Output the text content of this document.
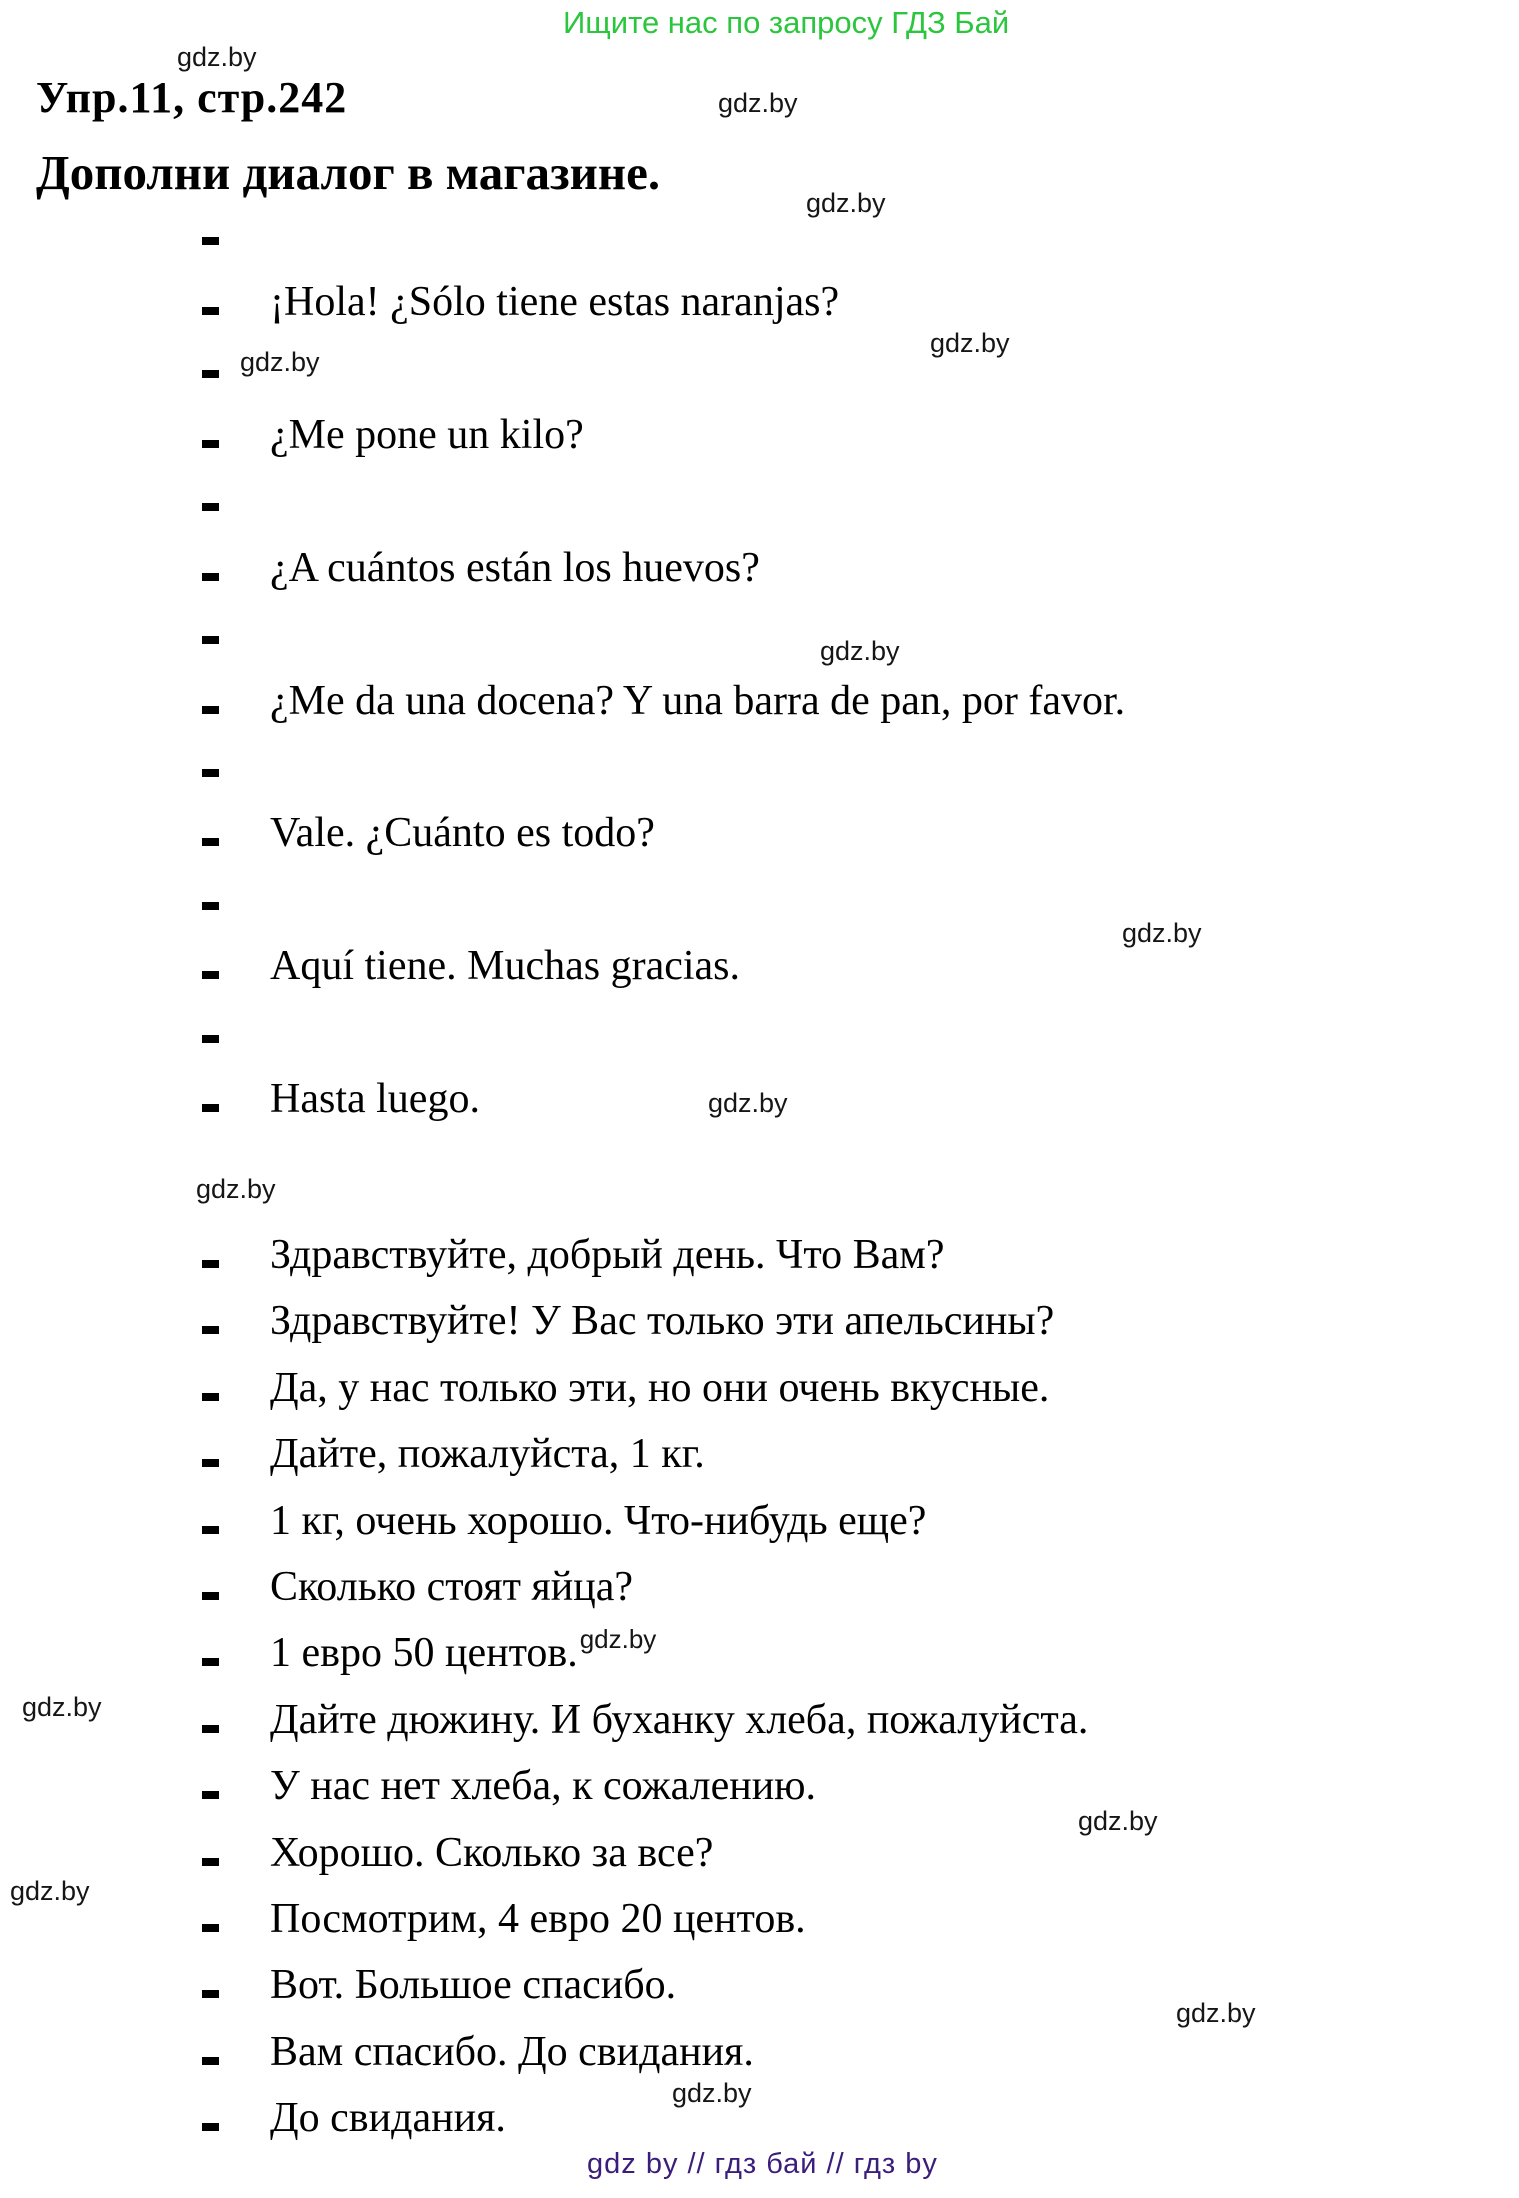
Ищите нас по запросу ГДЗ Бай
Упр.11, стр.242
Дополни диалог в магазине.
¡Hola! ¿Sólo tiene estas naranjas?
¿Me pone un kilo?
¿A cuántos están los huevos?
¿Me da una docena? Y una barra de pan, por favor.
Vale. ¿Cuánto es todo?
Aquí tiene. Muchas gracias.
Hasta luego.
Здравствуйте, добрый день. Что Вам?
Здравствуйте! У Вас только эти апельсины?
Да, у нас только эти, но они очень вкусные.
Дайте, пожалуйста, 1 кг.
1 кг, очень хорошо. Что-нибудь еще?
Сколько стоят яйца?
1 евро 50 центов.$^{gdz.by}$
Дайте дюжину. И буханку хлеба, пожалуйста.
У нас нет хлеба, к сожалению.
Хорошо. Сколько за все?
Посмотрим, 4 евро 20 центов.
Вот. Большое спасибо.
Вам спасибо. До свидания.
До свидания.
gdz.by
gdz.by
gdz.by
gdz.by
gdz.by
gdz.by
gdz.by
gdz.by
gdz.by
gdz.by
gdz.by
gdz.by
gdz.by
gdz.by
gdz by // гдз бай // гдз by
